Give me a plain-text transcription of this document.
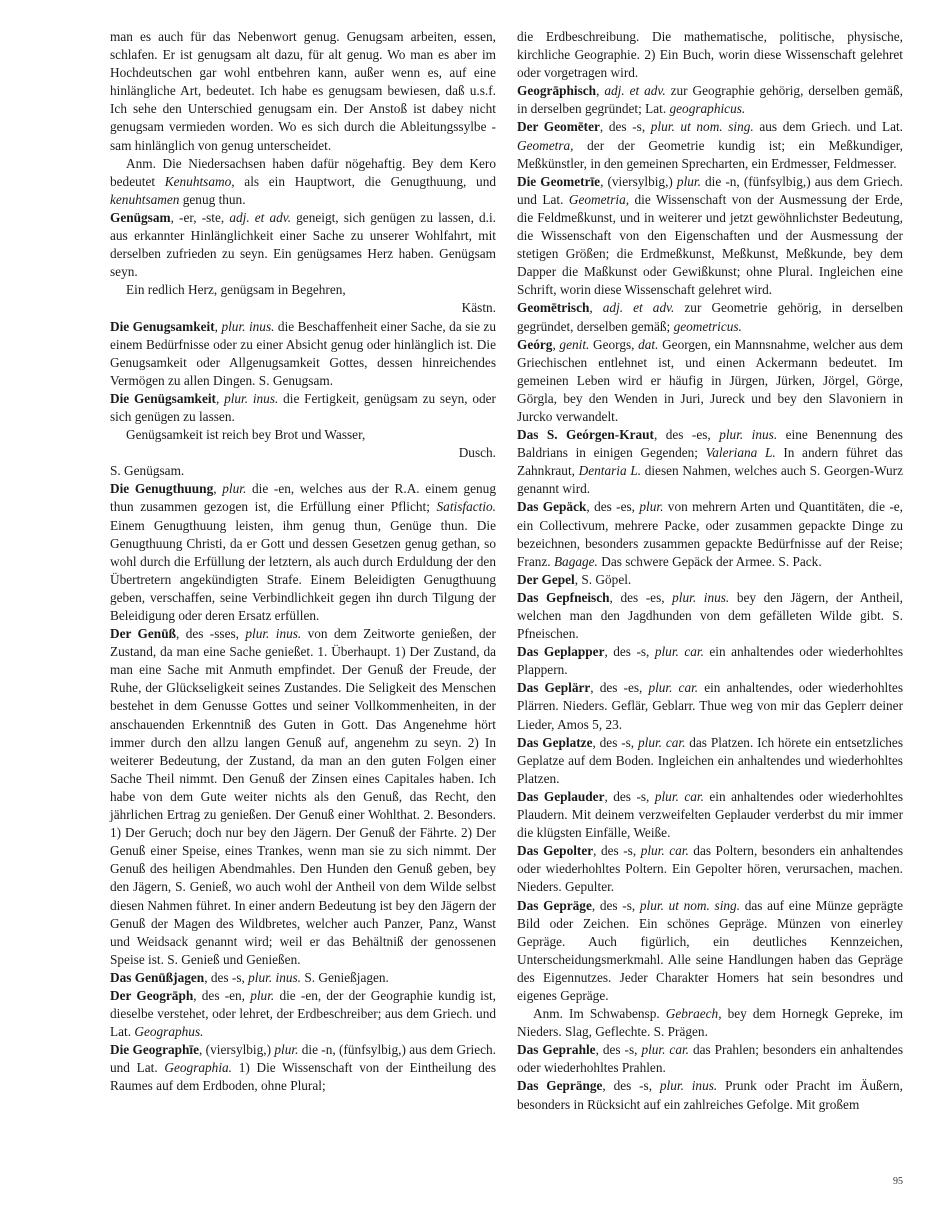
man es auch für das Nebenwort genug. Genugsam arbeiten, essen, schlafen. Er ist genugsam alt dazu, für alt genug. Wo man es aber im Hochdeutschen gar wohl entbehren kann, außer wenn es, auf eine hinlängliche Art, bedeutet. Ich habe es genugsam bewiesen, daß u.s.f. Ich sehe den Unterschied genugsam ein. Der Anstoß ist dabey nicht genugsam vermieden worden. Wo es sich durch die Ableitungssylbe -sam hinlänglich von genug unterscheidet.

Anm. Die Niedersachsen haben dafür nögehaftig. Bey dem Kero bedeutet Kenuhtsamo, als ein Hauptwort, die Genugthuung, und kenuhtsamen genug thun.

Genügsam, -er, -ste, adj. et adv. geneigt, sich genügen zu lassen, d.i. aus erkannter Hinlänglichkeit einer Sache zu unserer Wohlfahrt, mit derselben zufrieden zu seyn. Ein genügsames Herz haben. Genügsam seyn.

Ein redlich Herz, genügsam in Begehren,

Kästn.

Die Genugsamkeit, plur. inus. die Beschaffenheit einer Sache, da sie zu einem Bedürfnisse oder zu einer Absicht genug oder hinlänglich ist. Die Genugsamkeit oder Allgenugsamkeit Gottes, dessen hinreichendes Vermögen zu allen Dingen. S. Genugsam.

Die Genügsamkeit, plur. inus. die Fertigkeit, genügsam zu seyn, oder sich genügen zu lassen.

Genügsamkeit ist reich bey Brot und Wasser,

Dusch.

S. Genügsam.

Die Genugthuung, plur. die -en, welches aus der R.A. einem genug thun zusammen gezogen ist, die Erfüllung einer Pflicht; Satisfactio. Einem Genugthuung leisten, ihm genug thun, Genüge thun. Die Genugthuung Christi, da er Gott und dessen Gesetzen genug gethan, so wohl durch die Erfüllung der letztern, als auch durch Erduldung der den Übertretern angekündigten Strafe. Einem Beleidigten Genugthuung geben, verschaffen, seine Verbindlichkeit gegen ihn durch Tilgung der Beleidigung oder deren Ersatz erfüllen.

Der Genūß, des -sses, plur. inus. von dem Zeitworte genießen, der Zustand, da man eine Sache genießet. 1. Überhaupt. 1) Der Zustand, da man eine Sache mit Anmuth empfindet. Der Genuß der Freude, der Ruhe, der Glückseligkeit seines Zustandes. Die Seligkeit des Menschen bestehet in dem Genusse Gottes und seiner Vollkommenheiten, in der anschauenden Erkenntniß des Guten in Gott. Das Angenehme hört immer durch den allzu langen Genuß auf, angenehm zu seyn. 2) In weiterer Bedeutung, der Zustand, da man an den guten Folgen einer Sache Theil nimmt. Den Genuß der Zinsen eines Capitales haben. Ich habe von dem Gute weiter nichts als den Genuß, das Recht, den jährlichen Ertrag zu genießen. Der Genuß einer Wohlthat. 2. Besonders. 1) Der Geruch; doch nur bey den Jägern. Der Genuß der Fährte. 2) Der Genuß einer Speise, eines Trankes, wenn man sie zu sich nimmt. Der Genuß des heiligen Abendmahles. Den Hunden den Genuß geben, bey den Jägern, S. Genieß, wo auch wohl der Antheil von dem Wilde selbst diesen Nahmen führet. In einer andern Bedeutung ist bey den Jägern der Genuß der Magen des Wildbretes, welcher auch Panzer, Panz, Wanst und Weidsack genannt wird; weil er das Behältniß der genossenen Speise ist. S. Genieß und Genießen.

Das Genūßjagen, des -s, plur. inus. S. Genießjagen.

Der Geogrāph, des -en, plur. die -en, der der Geographie kundig ist, dieselbe verstehet, oder lehret, der Erdbeschreiber; aus dem Griech. und Lat. Geographus.

Die Geographīe, (viersylbig,) plur. die -n, (fünfsylbig,) aus dem Griech. und Lat. Geographia. 1) Die Wissenschaft von der Eintheilung des Raumes auf dem Erdboden, ohne Plural;

die Erdbeschreibung. Die mathematische, politische, physische, kirchliche Geographie. 2) Ein Buch, worin diese Wissenschaft gelehret oder vorgetragen wird.

Geogrāphisch, adj. et adv. zur Geographie gehörig, derselben gemäß, in derselben gegründet; Lat. geographicus.

Der Geomēter, des -s, plur. ut nom. sing. aus dem Griech. und Lat. Geometra, der der Geometrie kundig ist; ein Meßkundiger, Meßkünstler, in den gemeinen Sprecharten, ein Erdmesser, Feldmesser.

Die Geometrīe, (viersylbig,) plur. die -n, (fünfsylbig,) aus dem Griech. und Lat. Geometria, die Wissenschaft von der Ausmessung der Erde, die Feldmeßkunst, und in weiterer und jetzt gewöhnlichster Bedeutung, die Wissenschaft von den Eigenschaften und der Ausmessung der stetigen Größen; die Erdmeßkunst, Meßkunst, Meßkunde, bey dem Dapper die Maßkunst oder Gewißkunst; ohne Plural. Ingleichen eine Schrift, worin diese Wissenschaft gelehret wird.

Geomētrisch, adj. et adv. zur Geometrie gehörig, in derselben gegründet, derselben gemäß; geometricus.

Geórg, genit. Georgs, dat. Georgen, ein Mannsnahme, welcher aus dem Griechischen entlehnet ist, und einen Ackermann bedeutet. Im gemeinen Leben wird er häufig in Jürgen, Jürken, Jörgel, Görge, Görgla, bey den Wenden in Juri, Jureck und bey den Slavoniern in Jurcko verwandelt.

Das S. Geórgen-Kraut, des -es, plur. inus. eine Benennung des Baldrians in einigen Gegenden; Valeriana L. In andern führet das Zahnkraut, Dentaria L. diesen Nahmen, welches auch S. Georgen-Wurz genannt wird.

Das Gepäck, des -es, plur. von mehrern Arten und Quantitäten, die -e, ein Collectivum, mehrere Packe, oder zusammen gepackte Dinge zu bezeichnen, besonders zusammen gepackte Bedürfnisse auf der Reise; Franz. Bagage. Das schwere Gepäck der Armee. S. Pack.

Der Gepel, S. Göpel.

Das Gepfneisch, des -es, plur. inus. bey den Jägern, der Antheil, welchen man den Jagdhunden von dem gefälleten Wilde gibt. S. Pfneischen.

Das Geplapper, des -s, plur. car. ein anhaltendes oder wiederhohltes Plappern.

Das Geplärr, des -es, plur. car. ein anhaltendes, oder wiederhohltes Plärren. Nieders. Geflär, Geblarr. Thue weg von mir das Geplerr deiner Lieder, Amos 5, 23.

Das Geplatze, des -s, plur. car. das Platzen. Ich hörete ein entsetzliches Geplatze auf dem Boden. Ingleichen ein anhaltendes und wiederhohltes Platzen.

Das Geplauder, des -s, plur. car. ein anhaltendes oder wiederhohltes Plaudern. Mit deinem verzweifelten Geplauder verderbst du mir immer die klügsten Einfälle, Weiße.

Das Gepolter, des -s, plur. car. das Poltern, besonders ein anhaltendes oder wiederhohltes Poltern. Ein Gepolter hören, verursachen, machen. Nieders. Gepulter.

Das Gepräge, des -s, plur. ut nom. sing. das auf eine Münze geprägte Bild oder Zeichen. Ein schönes Gepräge. Münzen von einerley Gepräge. Auch figürlich, ein deutliches Kennzeichen, Unterscheidungsmerkmahl. Alle seine Handlungen haben das Gepräge des Eigennutzes. Jeder Charakter Homers hat sein besondres und eigenes Gepräge.

Anm. Im Schwabensp. Gebraech, bey dem Hornegk Gepreke, im Nieders. Slag, Geflechte. S. Prägen.

Das Geprahle, des -s, plur. car. das Prahlen; besonders ein anhaltendes oder wiederhohltes Prahlen.

Das Gepränge, des -s, plur. inus. Prunk oder Pracht im Äußern, besonders in Rücksicht auf ein zahlreiches Gefolge. Mit großem

95
